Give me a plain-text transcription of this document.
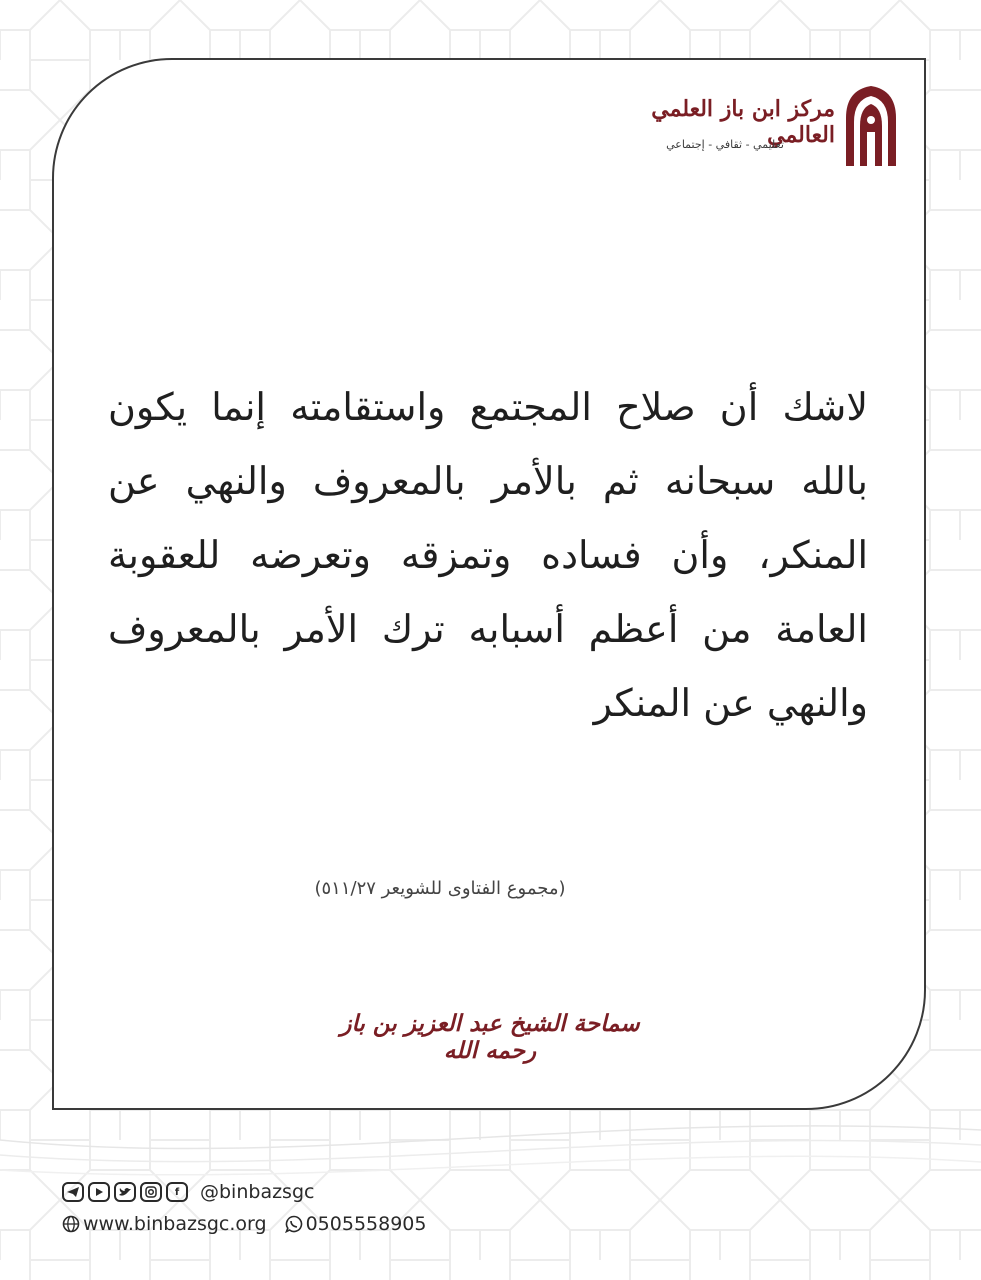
مركز ابن باز العلمي العالمي
تعليمي - ثقافي - إجتماعي
لاشك أن صلاح المجتمع واستقامته إنما يكون بالله سبحانه ثم بالأمر بالمعروف والنهي عن المنكر، وأن فساده وتمزقه وتعرضه للعقوبة العامة من أعظم أسبابه ترك الأمر بالمعروف والنهي عن المنكر
(مجموع الفتاوى للشويعر ٥١١/٢٧)
سماحة الشيخ عبد العزيز بن باز رحمه الله
f	@binbazsgc
www.binbazsgc.org 0505558905
